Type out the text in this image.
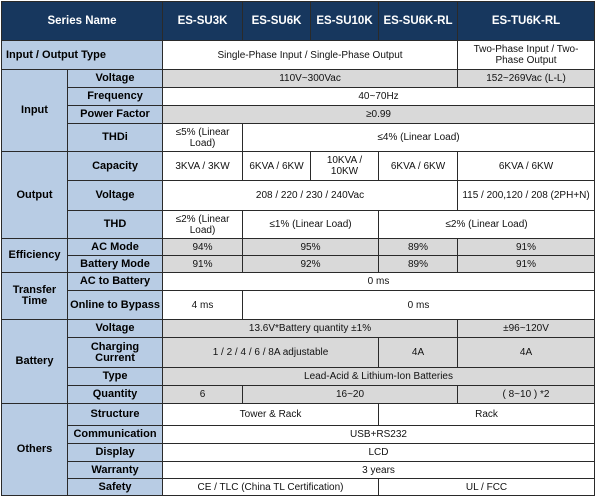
Series Name		ES-SU3K	ES-SU6K	ES-SU10K	ES-SU6K-RL	ES-TU6K-RL
Input / Output Type		Single-Phase Input / Single-Phase Output				Two-Phase Input / Two-Phase Output
Input	Voltage	110V~300Vac				152~269Vac (L-L)
	Frequency	40~70Hz				
	Power Factor	≥0.99				
	THDi	≤5% (Linear Load)	≤4% (Linear Load)			
Output	Capacity	3KVA / 3KW	6KVA / 6KW	10KVA / 10KW	6KVA / 6KW	6KVA / 6KW
	Voltage	208 / 220 / 230 / 240Vac				115 / 200,120 / 208 (2PH+N)
	THD	≤2% (Linear Load)	≤1% (Linear Load)		≤2% (Linear Load)	
Efficiency	AC Mode	94%	95%		89%	91%
	Battery Mode	91%	92%		89%	91%
Transfer Time	AC to Battery	0 ms				
	Online to Bypass	4 ms	0 ms			
Battery	Voltage	13.6V*Battery quantity ±1%				±96~120V
	Charging Current	1 / 2 / 4 / 6 / 8A adjustable			4A	4A
	Type	Lead-Acid & Lithium-Ion Batteries				
	Quantity	6	16~20			( 8~10 ) *2
Others	Structure	Tower & Rack			Rack	
	Communication	USB+RS232				
	Display	LCD				
	Warranty	3 years				
	Safety	CE / TLC (China TL Certification)			UL / FCC	
